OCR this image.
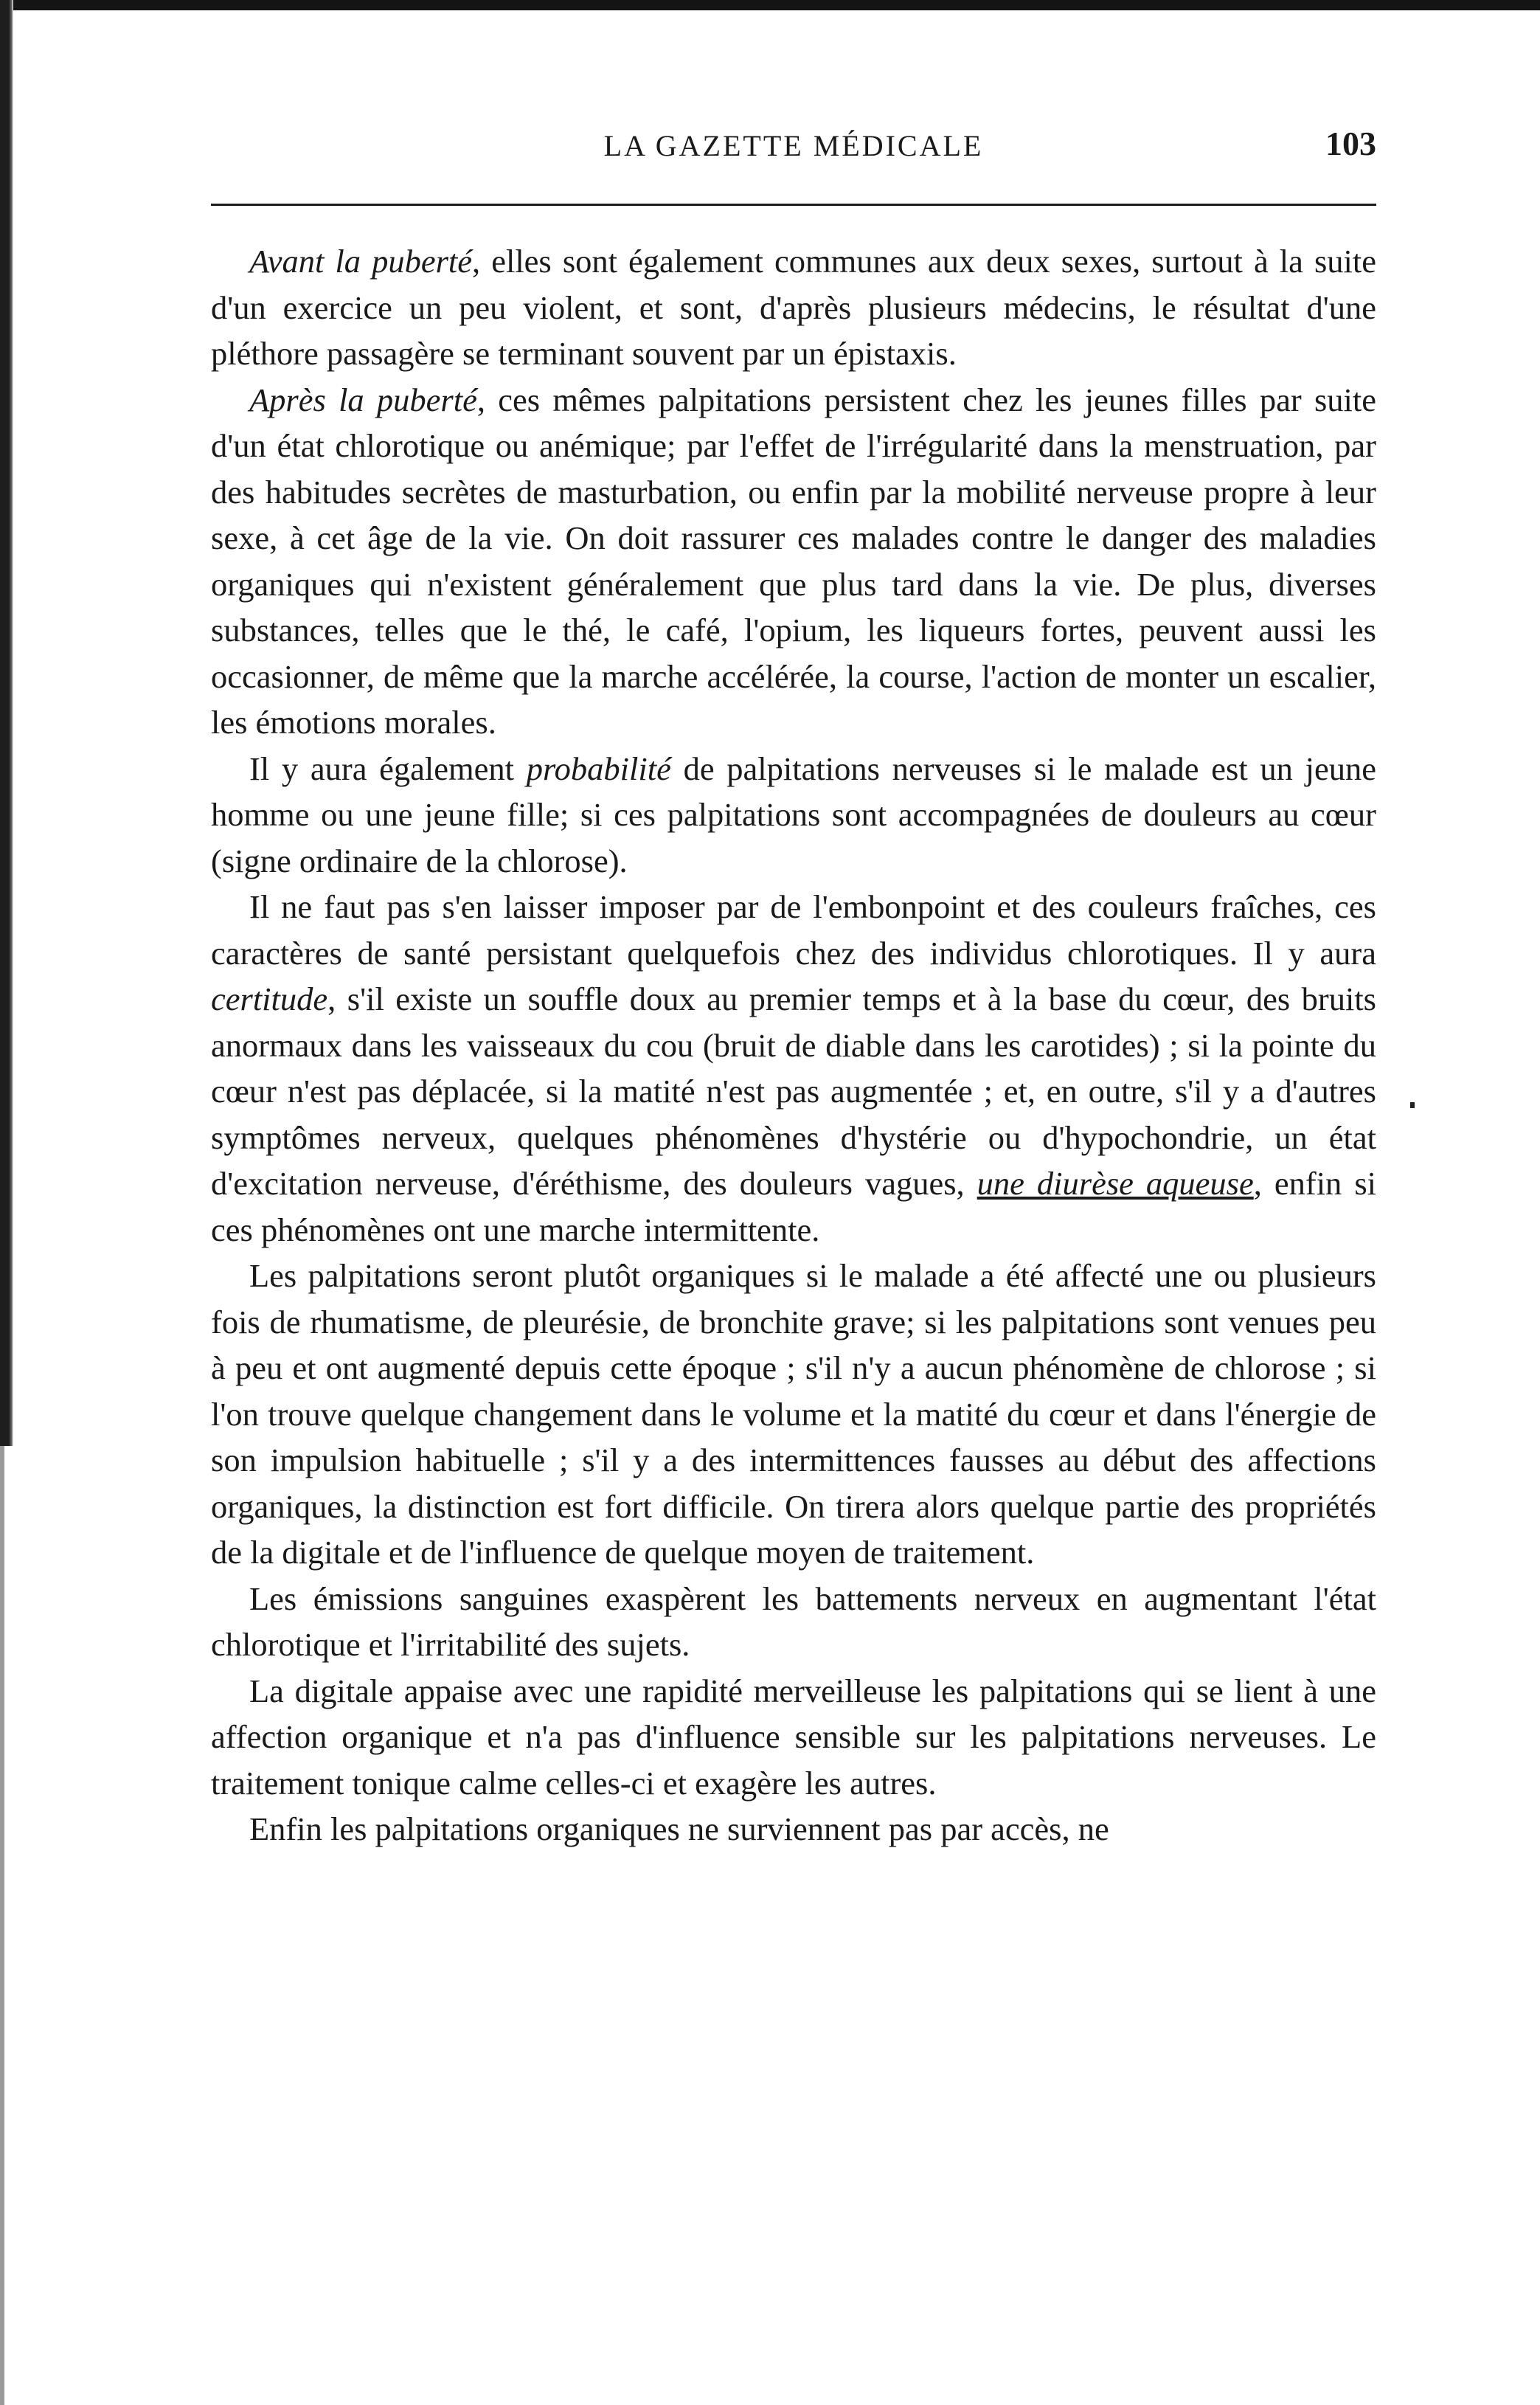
LA GAZETTE MÉDICALE	103

Avant la puberté, elles sont également communes aux deux sexes, surtout à la suite d'un exercice un peu violent, et sont, d'après plusieurs médecins, le résultat d'une pléthore passagère se terminant souvent par un épistaxis.

Après la puberté, ces mêmes palpitations persistent chez les jeunes filles par suite d'un état chlorotique ou anémique; par l'effet de l'irrégularité dans la menstruation, par des habitudes secrètes de masturbation, ou enfin par la mobilité nerveuse propre à leur sexe, à cet âge de la vie. On doit rassurer ces malades contre le danger des maladies organiques qui n'existent généralement que plus tard dans la vie. De plus, diverses substances, telles que le thé, le café, l'opium, les liqueurs fortes, peuvent aussi les occasionner, de même que la marche accélérée, la course, l'action de monter un escalier, les émotions morales.

Il y aura également probabilité de palpitations nerveuses si le malade est un jeune homme ou une jeune fille; si ces palpitations sont accompagnées de douleurs au cœur (signe ordinaire de la chlorose).

Il ne faut pas s'en laisser imposer par de l'embonpoint et des couleurs fraîches, ces caractères de santé persistant quelquefois chez des individus chlorotiques. Il y aura certitude, s'il existe un souffle doux au premier temps et à la base du cœur, des bruits anormaux dans les vaisseaux du cou (bruit de diable dans les carotides) ; si la pointe du cœur n'est pas déplacée, si la matité n'est pas augmentée ; et, en outre, s'il y a d'autres symptômes nerveux, quelques phénomènes d'hystérie ou d'hypochondrie, un état d'excitation nerveuse, d'éréthisme, des douleurs vagues, une diurèse aqueuse, enfin si ces phénomènes ont une marche intermittente.

Les palpitations seront plutôt organiques si le malade a été affecté une ou plusieurs fois de rhumatisme, de pleurésie, de bronchite grave; si les palpitations sont venues peu à peu et ont augmenté depuis cette époque ; s'il n'y a aucun phénomène de chlorose ; si l'on trouve quelque changement dans le volume et la matité du cœur et dans l'énergie de son impulsion habituelle ; s'il y a des intermittences fausses au début des affections organiques, la distinction est fort difficile. On tirera alors quelque partie des propriétés de la digitale et de l'influence de quelque moyen de traitement.

Les émissions sanguines exaspèrent les battements nerveux en augmentant l'état chlorotique et l'irritabilité des sujets.

La digitale appaise avec une rapidité merveilleuse les palpitations qui se lient à une affection organique et n'a pas d'influence sensible sur les palpitations nerveuses. Le traitement tonique calme celles-ci et exagère les autres.

Enfin les palpitations organiques ne surviennent pas par accès, ne
